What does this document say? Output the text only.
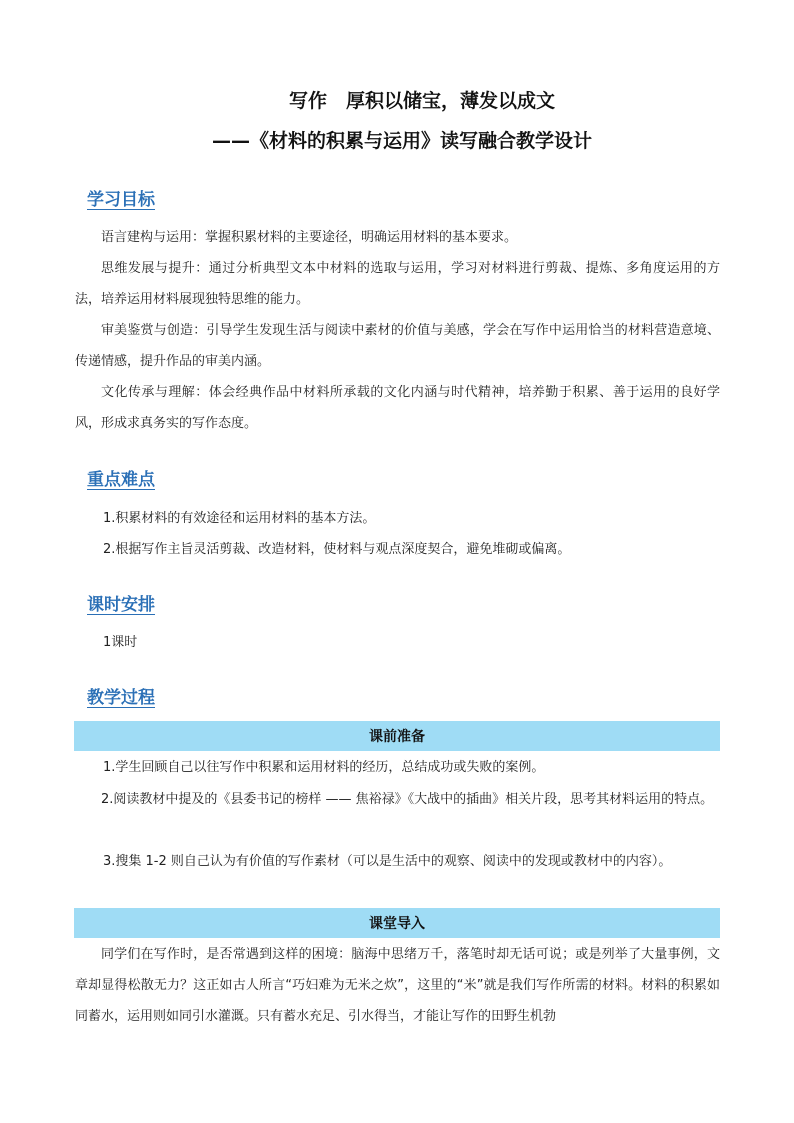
写作　厚积以储宝，薄发以成文
——《材料的积累与运用》读写融合教学设计
学习目标

语言建构与运用：掌握积累材料的主要途径，明确运用材料的基本要求。

思维发展与提升：通过分析典型文本中材料的选取与运用，学习对材料进行剪裁、提炼、多角度运用的方法，培养运用材料展现独特思维的能力。

审美鉴赏与创造：引导学生发现生活与阅读中素材的价值与美感，学会在写作中运用恰当的材料营造意境、传递情感，提升作品的审美内涵。

文化传承与理解：体会经典作品中材料所承载的文化内涵与时代精神，培养勤于积累、善于运用的良好学风，形成求真务实的写作态度。

重点难点

1.积累材料的有效途径和运用材料的基本方法。

2.根据写作主旨灵活剪裁、改造材料，使材料与观点深度契合，避免堆砌或偏离。

课时安排

1课时

教学过程
课前准备

1.学生回顾自己以往写作中积累和运用材料的经历，总结成功或失败的案例。

2.阅读教材中提及的《县委书记的榜样 —— 焦裕禄》《大战中的插曲》相关片段，思考其材料运用的特点。

3.搜集 1-2 则自己认为有价值的写作素材（可以是生活中的观察、阅读中的发现或教材中的内容）。

课堂导入

同学们在写作时，是否常遇到这样的困境：脑海中思绪万千，落笔时却无话可说；或是列举了大量事例，文章却显得松散无力？这正如古人所言“巧妇难为无米之炊”，这里的“米”就是我们写作所需的材料。材料的积累如同蓄水，运用则如同引水灌溉。只有蓄水充足、引水得当，才能让写作的田野生机勃
